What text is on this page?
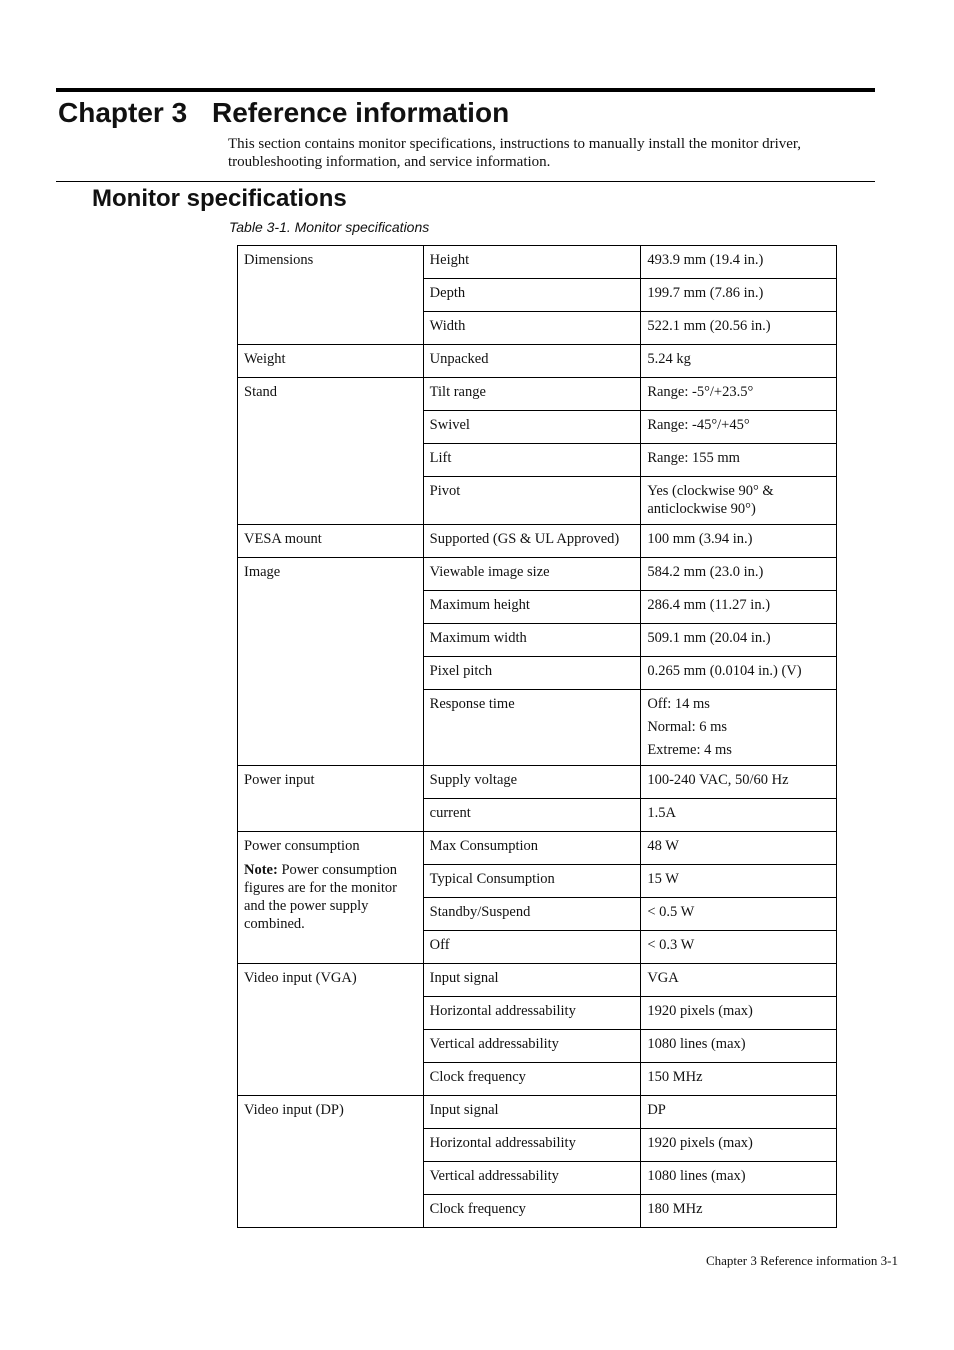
Chapter 3 Reference information

This section contains monitor specifications, instructions to manually install the monitor driver, troubleshooting information, and service information.

Monitor specifications

Table 3-1. Monitor specifications

Dimensions	Height	493.9 mm (19.4 in.)
	Depth	199.7 mm (7.86 in.)
	Width	522.1 mm (20.56 in.)

Weight	Unpacked	5.24 kg

Stand	Tilt range	Range: -5°/+23.5°
	Swivel	Range: -45°/+45°
	Lift	Range: 155 mm
	Pivot	Yes (clockwise 90° & anticlockwise 90°)

VESA mount	Supported (GS & UL Approved)	100 mm (3.94 in.)

Image	Viewable image size	584.2 mm (23.0 in.)
	Maximum height	286.4 mm (11.27 in.)
	Maximum width	509.1 mm (20.04 in.)
	Pixel pitch	0.265 mm (0.0104 in.) (V)
	Response time	Off: 14 ms
Normal: 6 ms
Extreme: 4 ms

Power input	Supply voltage	100-240 VAC, 50/60 Hz
	current	1.5A

Power consumption
Note: Power consumption figures are for the monitor and the power supply combined.	Max Consumption	48 W
	Typical Consumption	15 W
	Standby/Suspend	< 0.5 W
	Off	< 0.3 W

Video input (VGA)	Input signal	VGA
	Horizontal addressability	1920 pixels (max)
	Vertical addressability	1080 lines (max)
	Clock frequency	150 MHz

Video input (DP)	Input signal	DP
	Horizontal addressability	1920 pixels (max)
	Vertical addressability	1080 lines (max)
	Clock frequency	180 MHz

Chapter 3 Reference information 3-1
